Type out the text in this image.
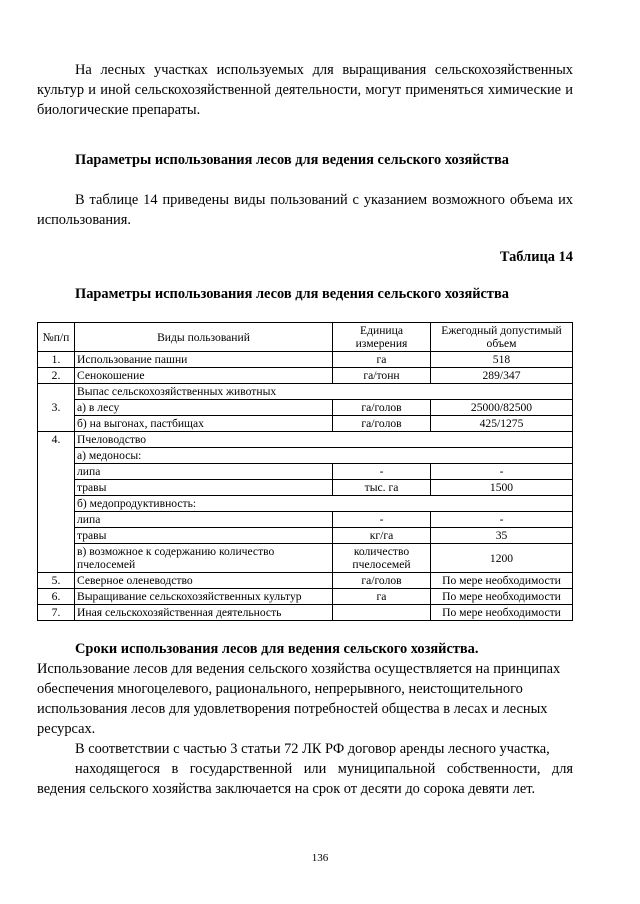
На лесных участках используемых для выращивания сельскохозяйственных культур и иной сельскохозяйственной деятельности, могут применяться химические и биологические препараты.

Параметры использования лесов для ведения сельского хозяйства

В таблице 14 приведены виды пользований с указанием возможного объема их использования.

Таблица 14

Параметры использования лесов для ведения сельского хозяйства

№п/п	Виды пользований	Единица измерения	Ежегодный допустимый объем
1.	Использование пашни	га	518
2.	Сенокошение	га/тонн	289/347
3.	Выпас сельскохозяйственных животных		
	а) в лесу	га/голов	25000/82500
	б) на выгонах, пастбищах	га/голов	425/1275
4.	Пчеловодство		
	а) медоносы:		
	липа	-	-
	травы	тыс. га	1500
	б) медопродуктивность:		
	липа	-	-
	травы	кг/га	35
	в) возможное к содержанию количество пчелосемей	количество пчелосемей	1200
5.	Северное оленеводство	га/голов	По мере необходимости
6.	Выращивание сельскохозяйственных культур	га	По мере необходимости
7.	Иная сельскохозяйственная деятельность		По мере необходимости

Сроки использования лесов для ведения сельского хозяйства.

Использование лесов для ведения сельского хозяйства осуществляется на принципах обеспечения многоцелевого, рационального, непрерывного, неистощительного использования лесов для удовлетворения потребностей общества в лесах и лесных ресурсах.

В соответствии с частью 3 статьи 72 ЛК РФ договор аренды лесного участка,

находящегося в государственной или муниципальной собственности, для ведения сельского хозяйства заключается на срок от десяти до сорока девяти лет.

136
